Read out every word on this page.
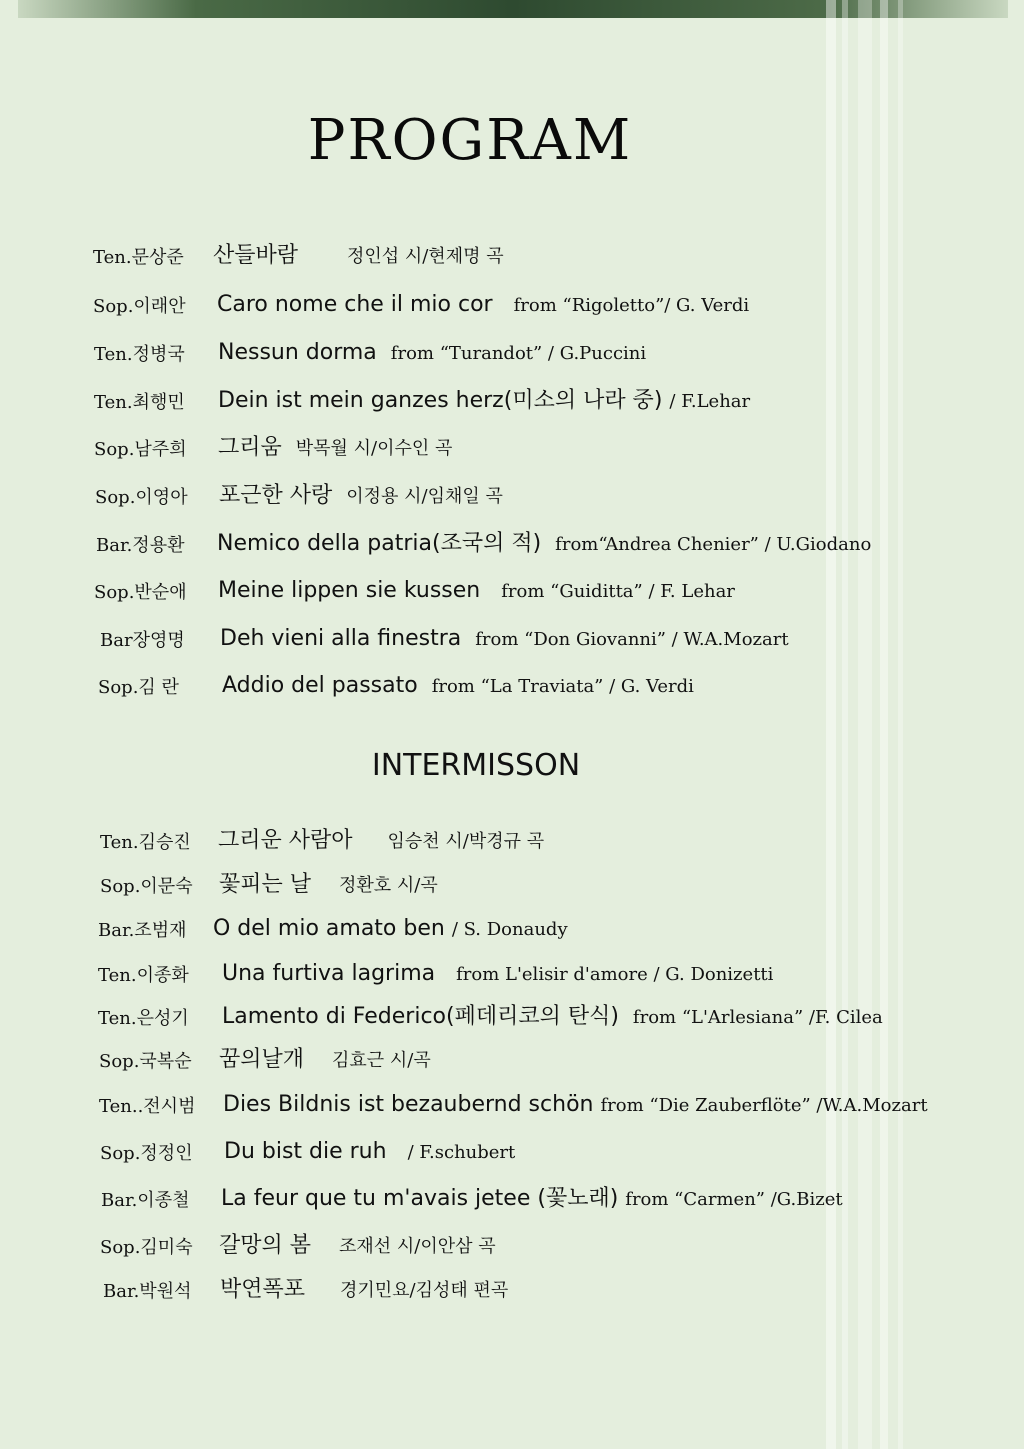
PROGRAM
Ten.문상준 산들바람	정인섭 시/현제명 곡
Sop.이래안 Caro nome che il mio cor from “Rigoletto”/ G. Verdi
Ten.정병국 Nessun dorma from “Turandot” / G.Puccini
Ten.최행민 Dein ist mein ganzes herz(미소의 나라 중) / F.Lehar
Sop.남주희 그리움 박목월 시/이수인 곡
Sop.이영아 포근한 사랑 이정용 시/임채일 곡
Bar.정용환 Nemico della patria(조국의 적) from“Andrea Chenier” / U.Giodano
Sop.반순애 Meine lippen sie kussen from “Guiditta” / F. Lehar
Bar장영명 Deh vieni alla finestra from “Don Giovanni” / W.A.Mozart
Sop.김 란 Addio del passato from “La Traviata” / G. Verdi
INTERMISSON
Ten.김승진 그리운 사람아 임승천 시/박경규 곡
Sop.이문숙 꽃피는 날 정환호 시/곡
Bar.조범재 O del mio amato ben / S. Donaudy
Ten.이종화 Una furtiva lagrima from L'elisir d'amore / G. Donizetti
Ten.은성기 Lamento di Federico(페데리코의 탄식) from “L'Arlesiana” /F. Cilea
Sop.국복순 꿈의날개 김효근 시/곡
Ten..전시범 Dies Bildnis ist bezaubernd schön from “Die Zauberflöte” /W.A.Mozart
Sop.정정인 Du bist die ruh / F.schubert
Bar.이종철 La feur que tu m'avais jetee (꽃노래) from “Carmen” /G.Bizet
Sop.김미숙 갈망의 봄 조재선 시/이안삼 곡
Bar.박원석 박연폭포 경기민요/김성태 편곡
